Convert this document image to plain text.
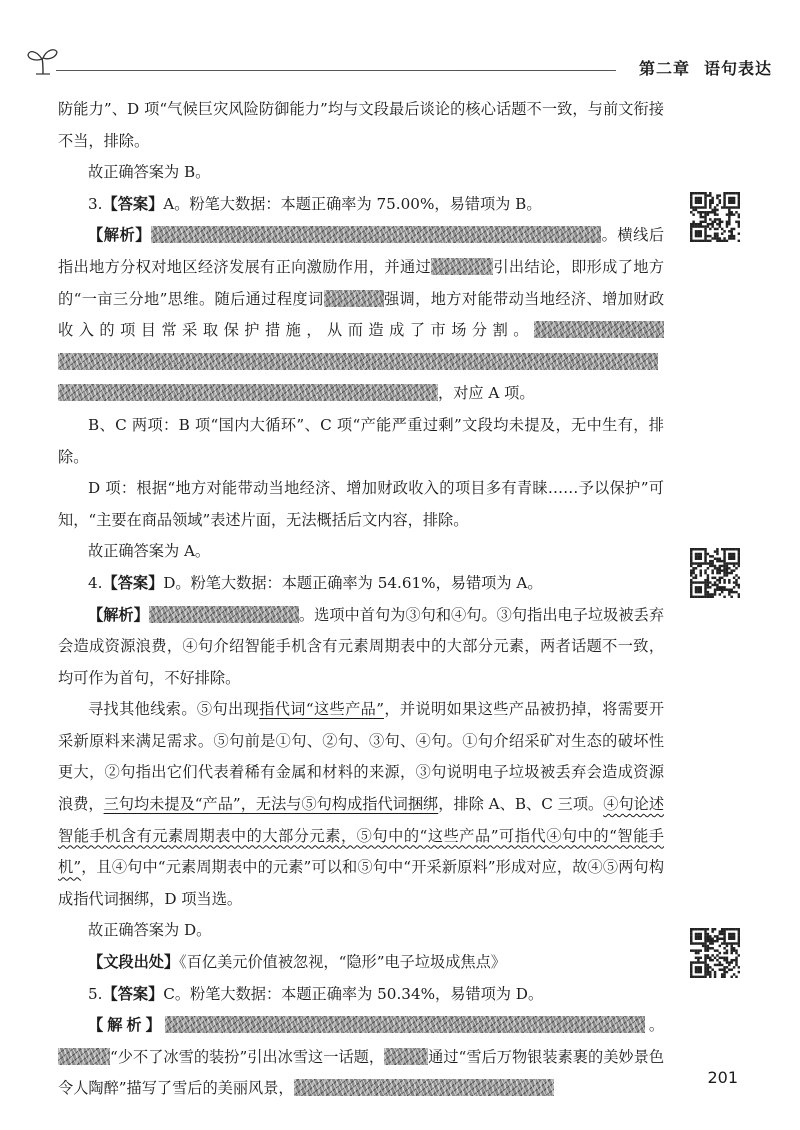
第二章 语句表达

防能力”、D 项“气候巨灾风险防御能力”均与文段最后谈论的核心话题不一致，与前文衔接不当，排除。

故正确答案为 B。

3.【答案】A。粉笔大数据：本题正确率为 75.00%，易错项为 B。

【解析】	。横线后指出地方分权对地区经济发展有正向激励作用，并通过	引出结论，即形成了地方的“一亩三分地”思维。随后通过程度词	强调，地方对能带动当地经济、增加财政收入的项目常采取保护措施，从而造成了市场分割。，对应 A 项。

B、C 两项：B 项“国内大循环”、C 项“产能严重过剩”文段均未提及，无中生有，排除。

D 项：根据“地方对能带动当地经济、增加财政收入的项目多有青睐……予以保护”可知，“主要在商品领域”表述片面，无法概括后文内容，排除。

故正确答案为 A。

4.【答案】D。粉笔大数据：本题正确率为 54.61%，易错项为 A。

【解析】	。选项中首句为③句和④句。③句指出电子垃圾被丢弃会造成资源浪费，④句介绍智能手机含有元素周期表中的大部分元素，两者话题不一致，均可作为首句，不好排除。

寻找其他线索。⑤句出现指代词“这些产品”，并说明如果这些产品被扔掉，将需要开采新原料来满足需求。⑤句前是①句、②句、③句、④句。①句介绍采矿对生态的破坏性更大，②句指出它们代表着稀有金属和材料的来源，③句说明电子垃圾被丢弃会造成资源浪费，三句均未提及“产品”，无法与⑤句构成指代词捆绑，排除 A、B、C 三项。④句论述智能手机含有元素周期表中的大部分元素，⑤句中的“这些产品”可指代④句中的“智能手机”，且④句中“元素周期表中的元素”可以和⑤句中“开采新原料”形成对应，故④⑤两句构成指代词捆绑，D 项当选。

故正确答案为 D。

【文段出处】《百亿美元价值被忽视，“隐形”电子垃圾成焦点》

5.【答案】C。粉笔大数据：本题正确率为 50.34%，易错项为 D。

【解析】	。“少不了冰雪的装扮”引出冰雪这一话题，	通过“雪后万物银装素裹的美妙景色令人陶醉”描写了雪后的美丽风景，

201
